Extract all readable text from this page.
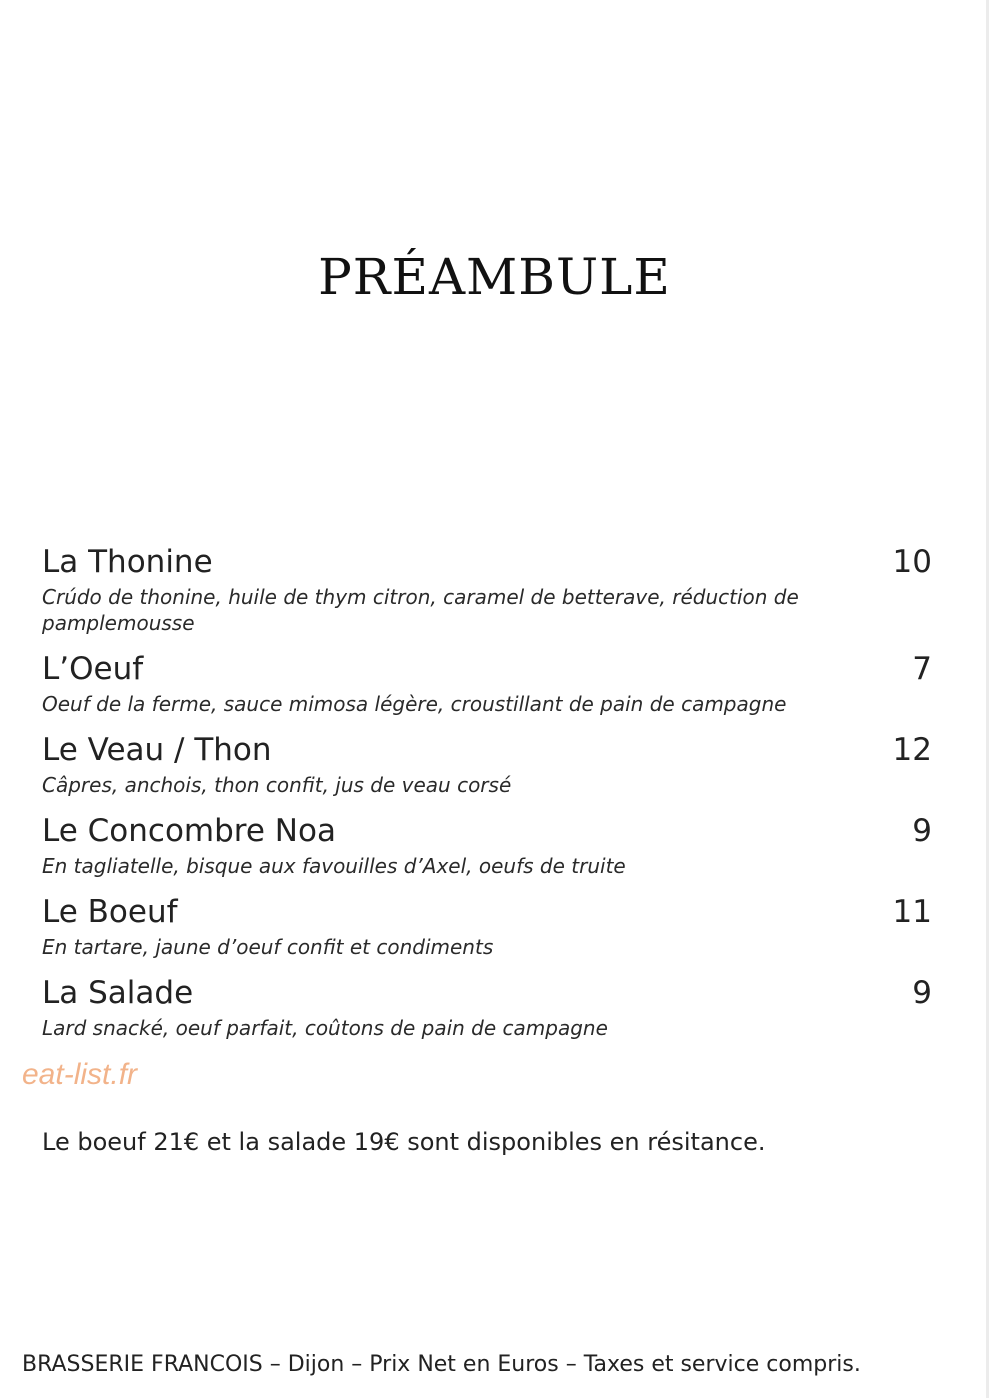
PRÉAMBULE
La Thonine	10
Crúdo de thonine, huile de thym citron, caramel de betterave, réduction de pamplemousse
L’Oeuf	7
Oeuf de la ferme, sauce mimosa légère, croustillant de pain de campagne
Le Veau / Thon	12
Câpres, anchois, thon confit, jus de veau corsé
Le Concombre Noa	9
En tagliatelle, bisque aux favouilles d’Axel, oeufs de truite
Le Boeuf	11
En tartare, jaune d’oeuf confit et condiments
La Salade	9
Lard snacké, oeuf parfait, coûtons de pain de campagne
eat-list.fr
Le boeuf 21€ et la salade 19€ sont disponibles en résitance.
BRASSERIE FRANCOIS – Dijon – Prix Net en Euros – Taxes et service compris.
